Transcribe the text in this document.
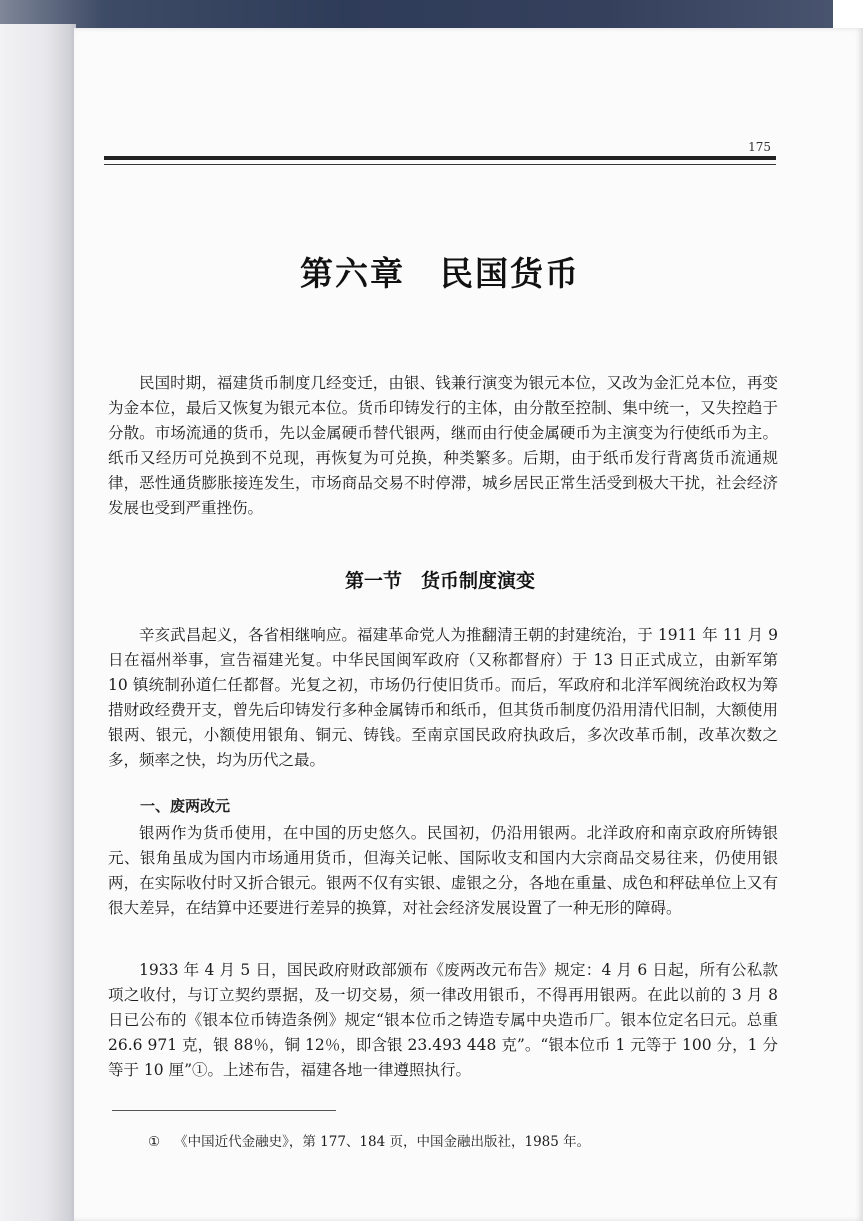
175
第六章　民国货币

民国时期，福建货币制度几经变迁，由银、钱兼行演变为银元本位，又改为金汇兑本位，再变为金本位，最后又恢复为银元本位。货币印铸发行的主体，由分散至控制、集中统一，又失控趋于分散。市场流通的货币，先以金属硬币替代银两，继而由行使金属硬币为主演变为行使纸币为主。纸币又经历可兑换到不兑现，再恢复为可兑换，种类繁多。后期，由于纸币发行背离货币流通规律，恶性通货膨胀接连发生，市场商品交易不时停滞，城乡居民正常生活受到极大干扰，社会经济发展也受到严重挫伤。

第一节　货币制度演变

辛亥武昌起义，各省相继响应。福建革命党人为推翻清王朝的封建统治，于 1911 年 11 月 9 日在福州举事，宣告福建光复。中华民国闽军政府（又称都督府）于 13 日正式成立，由新军第 10 镇统制孙道仁任都督。光复之初，市场仍行使旧货币。而后，军政府和北洋军阀统治政权为筹措财政经费开支，曾先后印铸发行多种金属铸币和纸币，但其货币制度仍沿用清代旧制，大额使用银两、银元，小额使用银角、铜元、铸钱。至南京国民政府执政后，多次改革币制，改革次数之多，频率之快，均为历代之最。

一、废两改元

银两作为货币使用，在中国的历史悠久。民国初，仍沿用银两。北洋政府和南京政府所铸银元、银角虽成为国内市场通用货币，但海关记帐、国际收支和国内大宗商品交易往来，仍使用银两，在实际收付时又折合银元。银两不仅有实银、虚银之分，各地在重量、成色和秤砝单位上又有很大差异，在结算中还要进行差异的换算，对社会经济发展设置了一种无形的障碍。

1933 年 4 月 5 日，国民政府财政部颁布《废两改元布告》规定：4 月 6 日起，所有公私款项之收付，与订立契约票据，及一切交易，须一律改用银币，不得再用银两。在此以前的 3 月 8 日已公布的《银本位币铸造条例》规定“银本位币之铸造专属中央造币厂。银本位定名曰元。总重 26.6 971 克，银 88％，铜 12％，即含银 23.493 448 克”。“银本位币 1 元等于 100 分，1 分等于 10 厘”①。上述布告，福建各地一律遵照执行。

① 《中国近代金融史》，第 177、184 页，中国金融出版社，1985 年。
